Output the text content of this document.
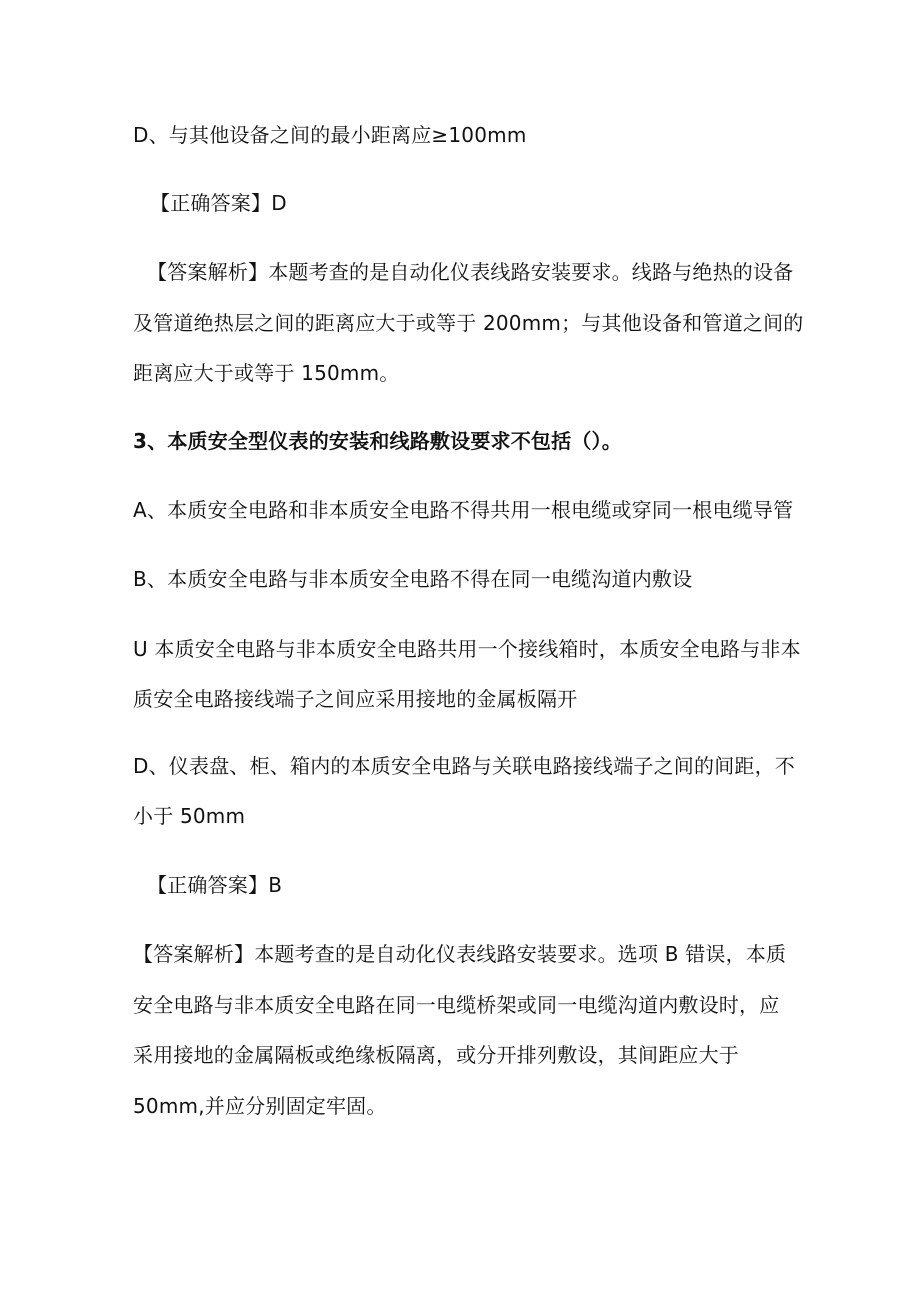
D、与其他设备之间的最小距离应≥100mm
【正确答案】D
【答案解析】本题考查的是自动化仪表线路安装要求。线路与绝热的设备
及管道绝热层之间的距离应大于或等于 200mm；与其他设备和管道之间的
距离应大于或等于 150mm。
3、本质安全型仪表的安装和线路敷设要求不包括（）。
A、本质安全电路和非本质安全电路不得共用一根电缆或穿同一根电缆导管
B、本质安全电路与非本质安全电路不得在同一电缆沟道内敷设
U 本质安全电路与非本质安全电路共用一个接线箱时，本质安全电路与非本
质安全电路接线端子之间应采用接地的金属板隔开
D、仪表盘、柜、箱内的本质安全电路与关联电路接线端子之间的间距，不
小于 50mm
【正确答案】B
【答案解析】本题考查的是自动化仪表线路安装要求。选项 B 错误，本质
安全电路与非本质安全电路在同一电缆桥架或同一电缆沟道内敷设时，应
采用接地的金属隔板或绝缘板隔离，或分开排列敷设，其间距应大于
50mm,并应分别固定牢固。
